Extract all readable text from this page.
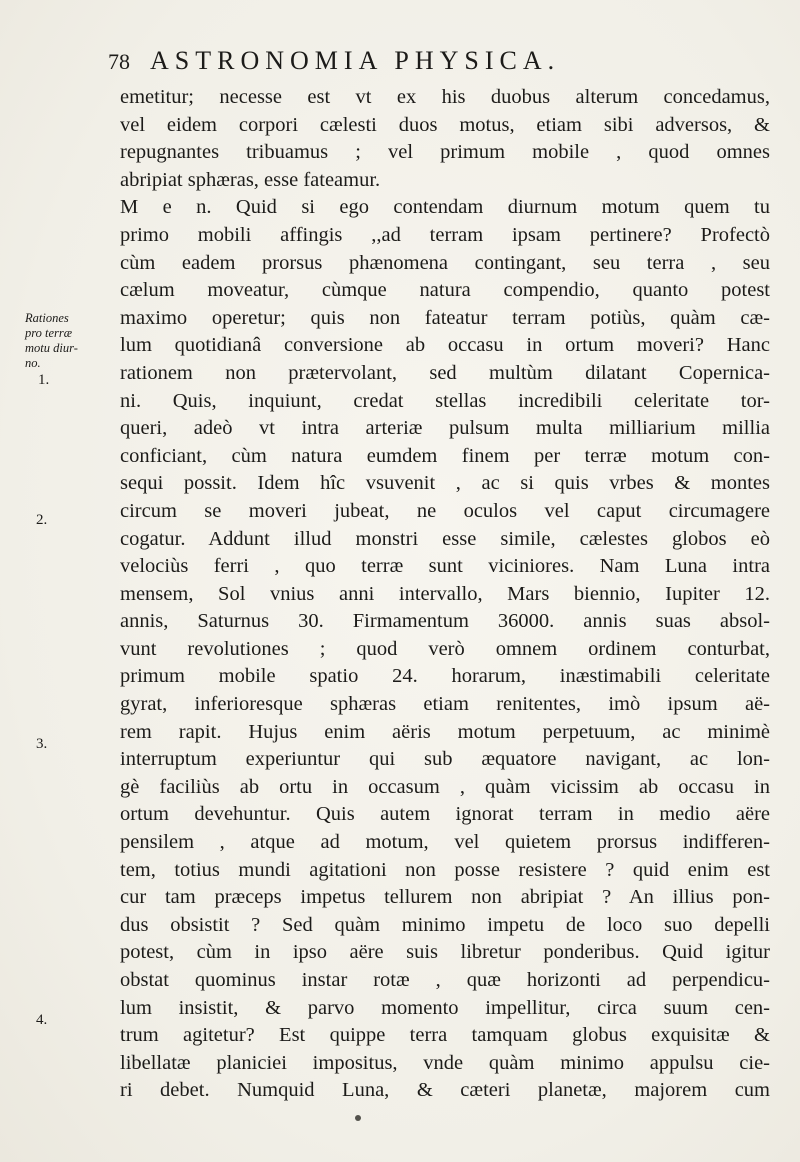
78 ASTRONOMIA PHYSICA.
Rationes
pro terræ
motu diur-
no.
1.
2.
3.
4.
emetitur; necesse est vt ex his duobus alterum concedamus,
vel eidem corpori cælesti duos motus, etiam sibi adversos, &
repugnantes tribuamus ; vel primum mobile , quod omnes
abripiat sphæras, esse fateamur.
M e n. Quid si ego contendam diurnum motum quem tu
primo mobili affingis ,,ad terram ipsam pertinere? Profectò
cùm eadem prorsus phænomena contingant, seu terra , seu
cælum moveatur, cùmque natura compendio, quanto potest
maximo operetur; quis non fateatur terram potiùs, quàm cæ-
lum quotidianâ conversione ab occasu in ortum moveri? Hanc
rationem non prætervolant, sed multùm dilatant Copernica-
ni. Quis, inquiunt, credat stellas incredibili celeritate tor-
queri, adeò vt intra arteriæ pulsum multa milliarium millia
conficiant, cùm natura eumdem finem per terræ motum con-
sequi possit. Idem hîc vsuvenit , ac si quis vrbes & montes
circum se moveri jubeat, ne oculos vel caput circumagere
cogatur. Addunt illud monstri esse simile, cælestes globos eò
velociùs ferri , quo terræ sunt viciniores. Nam Luna intra
mensem, Sol vnius anni intervallo, Mars biennio, Iupiter 12.
annis, Saturnus 30. Firmamentum 36000. annis suas absol-
vunt revolutiones ; quod verò omnem ordinem conturbat,
primum mobile spatio 24. horarum, inæstimabili celeritate
gyrat, inferioresque sphæras etiam renitentes, imò ipsum aë-
rem rapit. Hujus enim aëris motum perpetuum, ac minimè
interruptum experiuntur qui sub æquatore navigant, ac lon-
gè faciliùs ab ortu in occasum , quàm vicissim ab occasu in
ortum devehuntur. Quis autem ignorat terram in medio aëre
pensilem , atque ad motum, vel quietem prorsus indifferen-
tem, totius mundi agitationi non posse resistere ? quid enim est
cur tam præceps impetus tellurem non abripiat ? An illius pon-
dus obsistit ? Sed quàm minimo impetu de loco suo depelli
potest, cùm in ipso aëre suis libretur ponderibus. Quid igitur
obstat quominus instar rotæ , quæ horizonti ad perpendicu-
lum insistit, & parvo momento impellitur, circa suum cen-
trum agitetur? Est quippe terra tamquam globus exquisitæ &
libellatæ planiciei impositus, vnde quàm minimo appulsu cie-
ri debet. Numquid Luna, & cæteri planetæ, majorem cum
